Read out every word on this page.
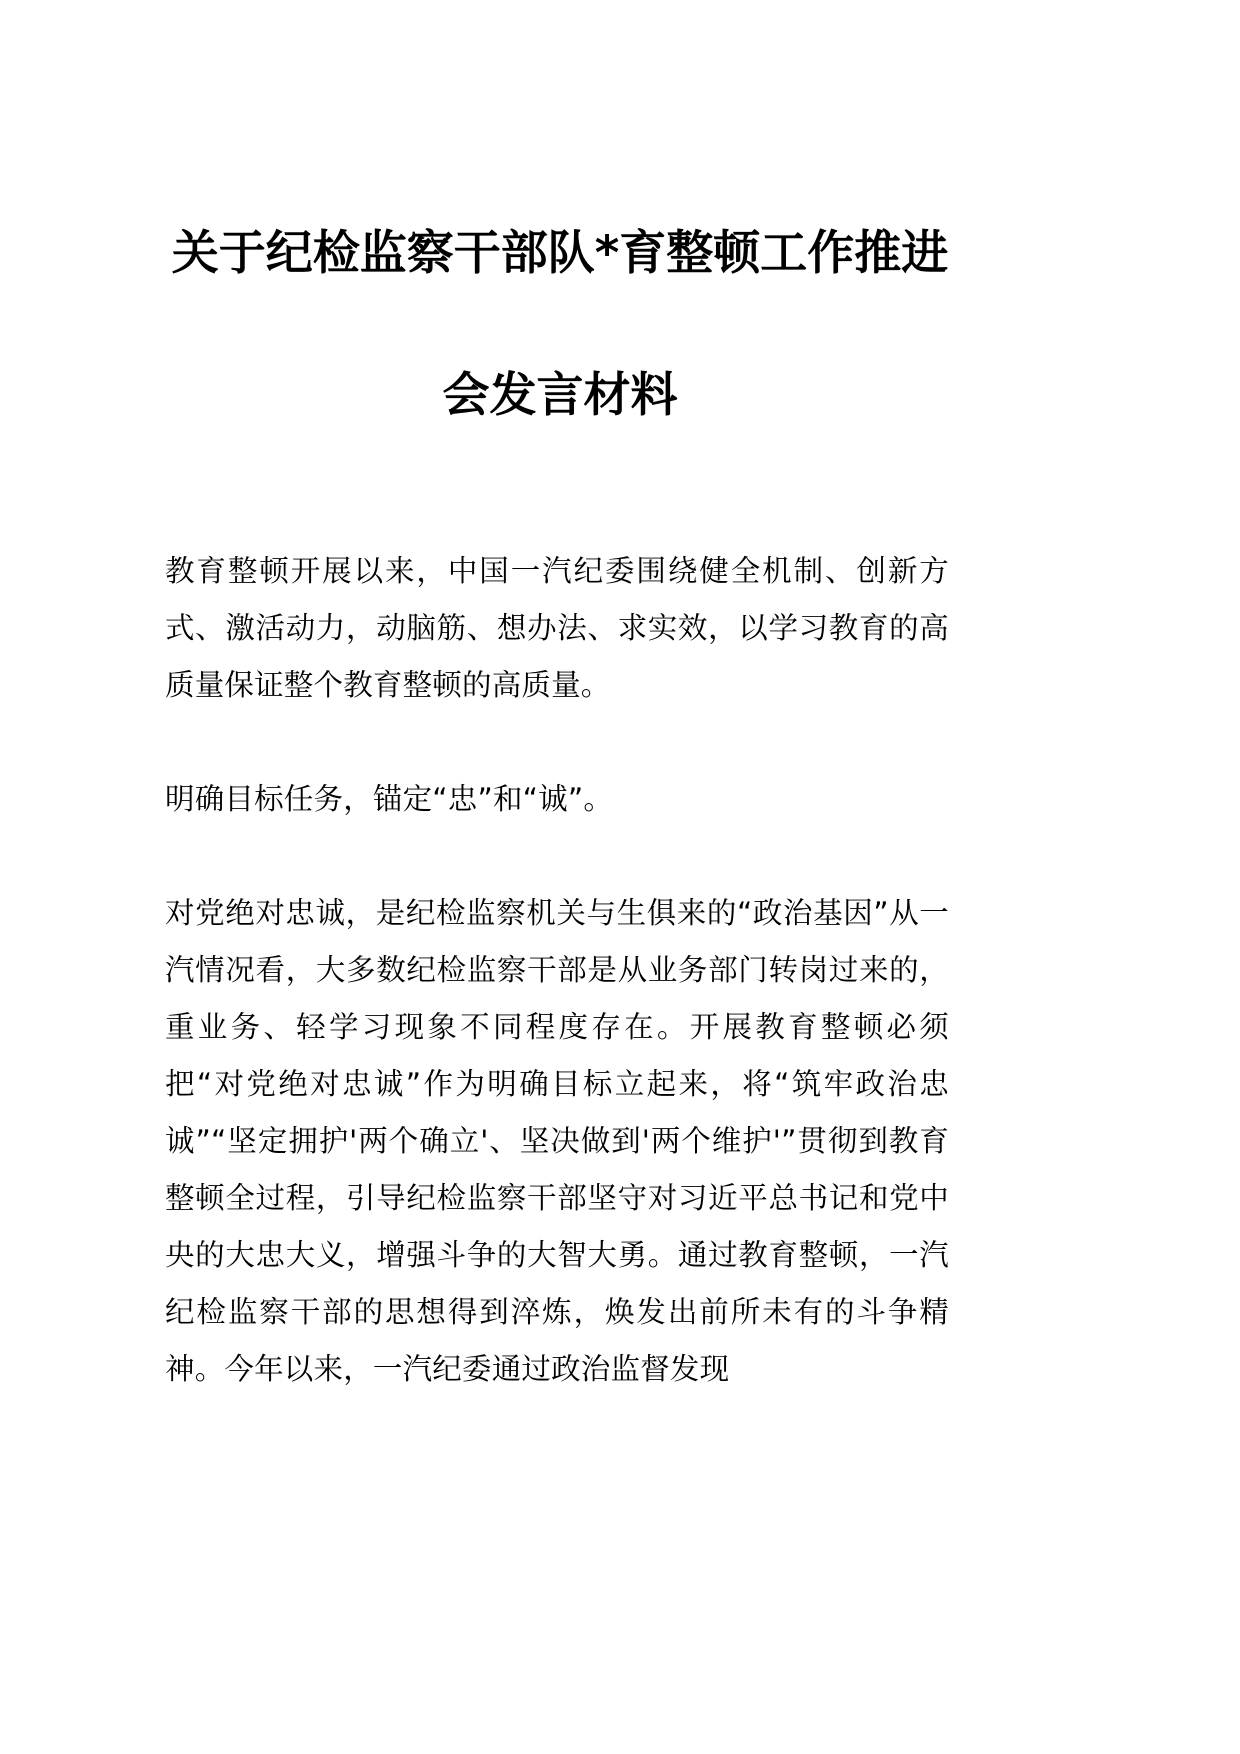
关于纪检监察干部队*育整顿工作推进会发言材料

教育整顿开展以来，中国一汽纪委围绕健全机制、创新方式、激活动力，动脑筋、想办法、求实效，以学习教育的高质量保证整个教育整顿的高质量。

明确目标任务，锚定“忠”和“诚”。

对党绝对忠诚，是纪检监察机关与生俱来的“政治基因”从一汽情况看，大多数纪检监察干部是从业务部门转岗过来的，重业务、轻学习现象不同程度存在。开展教育整顿必须把“对党绝对忠诚”作为明确目标立起来，将“筑牢政治忠诚”“坚定拥护'两个确立'、坚决做到'两个维护'”贯彻到教育整顿全过程，引导纪检监察干部坚守对习近平总书记和党中央的大忠大义，增强斗争的大智大勇。通过教育整顿，一汽纪检监察干部的思想得到淬炼，焕发出前所未有的斗争精神。今年以来，一汽纪委通过政治监督发现
